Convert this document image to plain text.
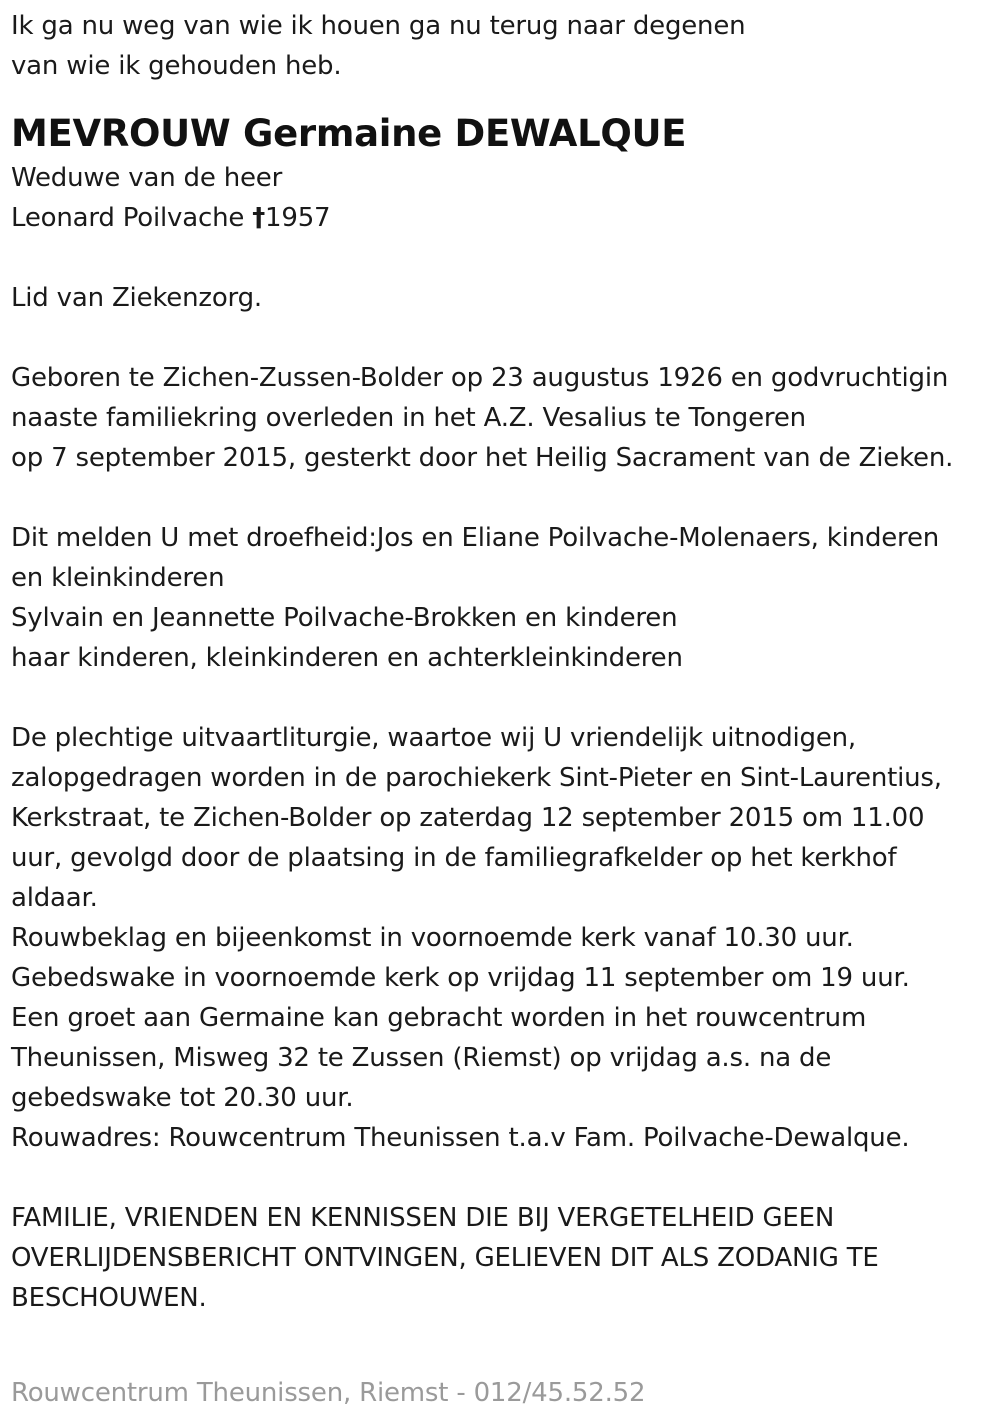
Ik ga nu weg van wie ik houen ga nu terug naar degenen
van wie ik gehouden heb.
MEVROUW Germaine DEWALQUE
Weduwe van de heer
Leonard Poilvache †1957
Lid van Ziekenzorg.
Geboren te Zichen-Zussen-Bolder op 23 augustus 1926 en godvruchtigin
naaste familiekring overleden in het A.Z. Vesalius te Tongeren
op 7 september 2015, gesterkt door het Heilig Sacrament van de Zieken.
Dit melden U met droefheid:Jos en Eliane Poilvache-Molenaers, kinderen
en kleinkinderen
Sylvain en Jeannette Poilvache-Brokken en kinderen
haar kinderen, kleinkinderen en achterkleinkinderen
De plechtige uitvaartliturgie, waartoe wij U vriendelijk uitnodigen,
zalopgedragen worden in de parochiekerk Sint-Pieter en Sint-Laurentius,
Kerkstraat, te Zichen-Bolder op zaterdag 12 september 2015 om 11.00
uur, gevolgd door de plaatsing in de familiegrafkelder op het kerkhof
aldaar.
Rouwbeklag en bijeenkomst in voornoemde kerk vanaf 10.30 uur.
Gebedswake in voornoemde kerk op vrijdag 11 september om 19 uur.
Een groet aan Germaine kan gebracht worden in het rouwcentrum
Theunissen, Misweg 32 te Zussen (Riemst) op vrijdag a.s. na de
gebedswake tot 20.30 uur.
Rouwadres: Rouwcentrum Theunissen t.a.v Fam. Poilvache-Dewalque.
FAMILIE, VRIENDEN EN KENNISSEN DIE BIJ VERGETELHEID GEEN
OVERLIJDENSBERICHT ONTVINGEN, GELIEVEN DIT ALS ZODANIG TE
BESCHOUWEN.
Rouwcentrum Theunissen, Riemst - 012/45.52.52
